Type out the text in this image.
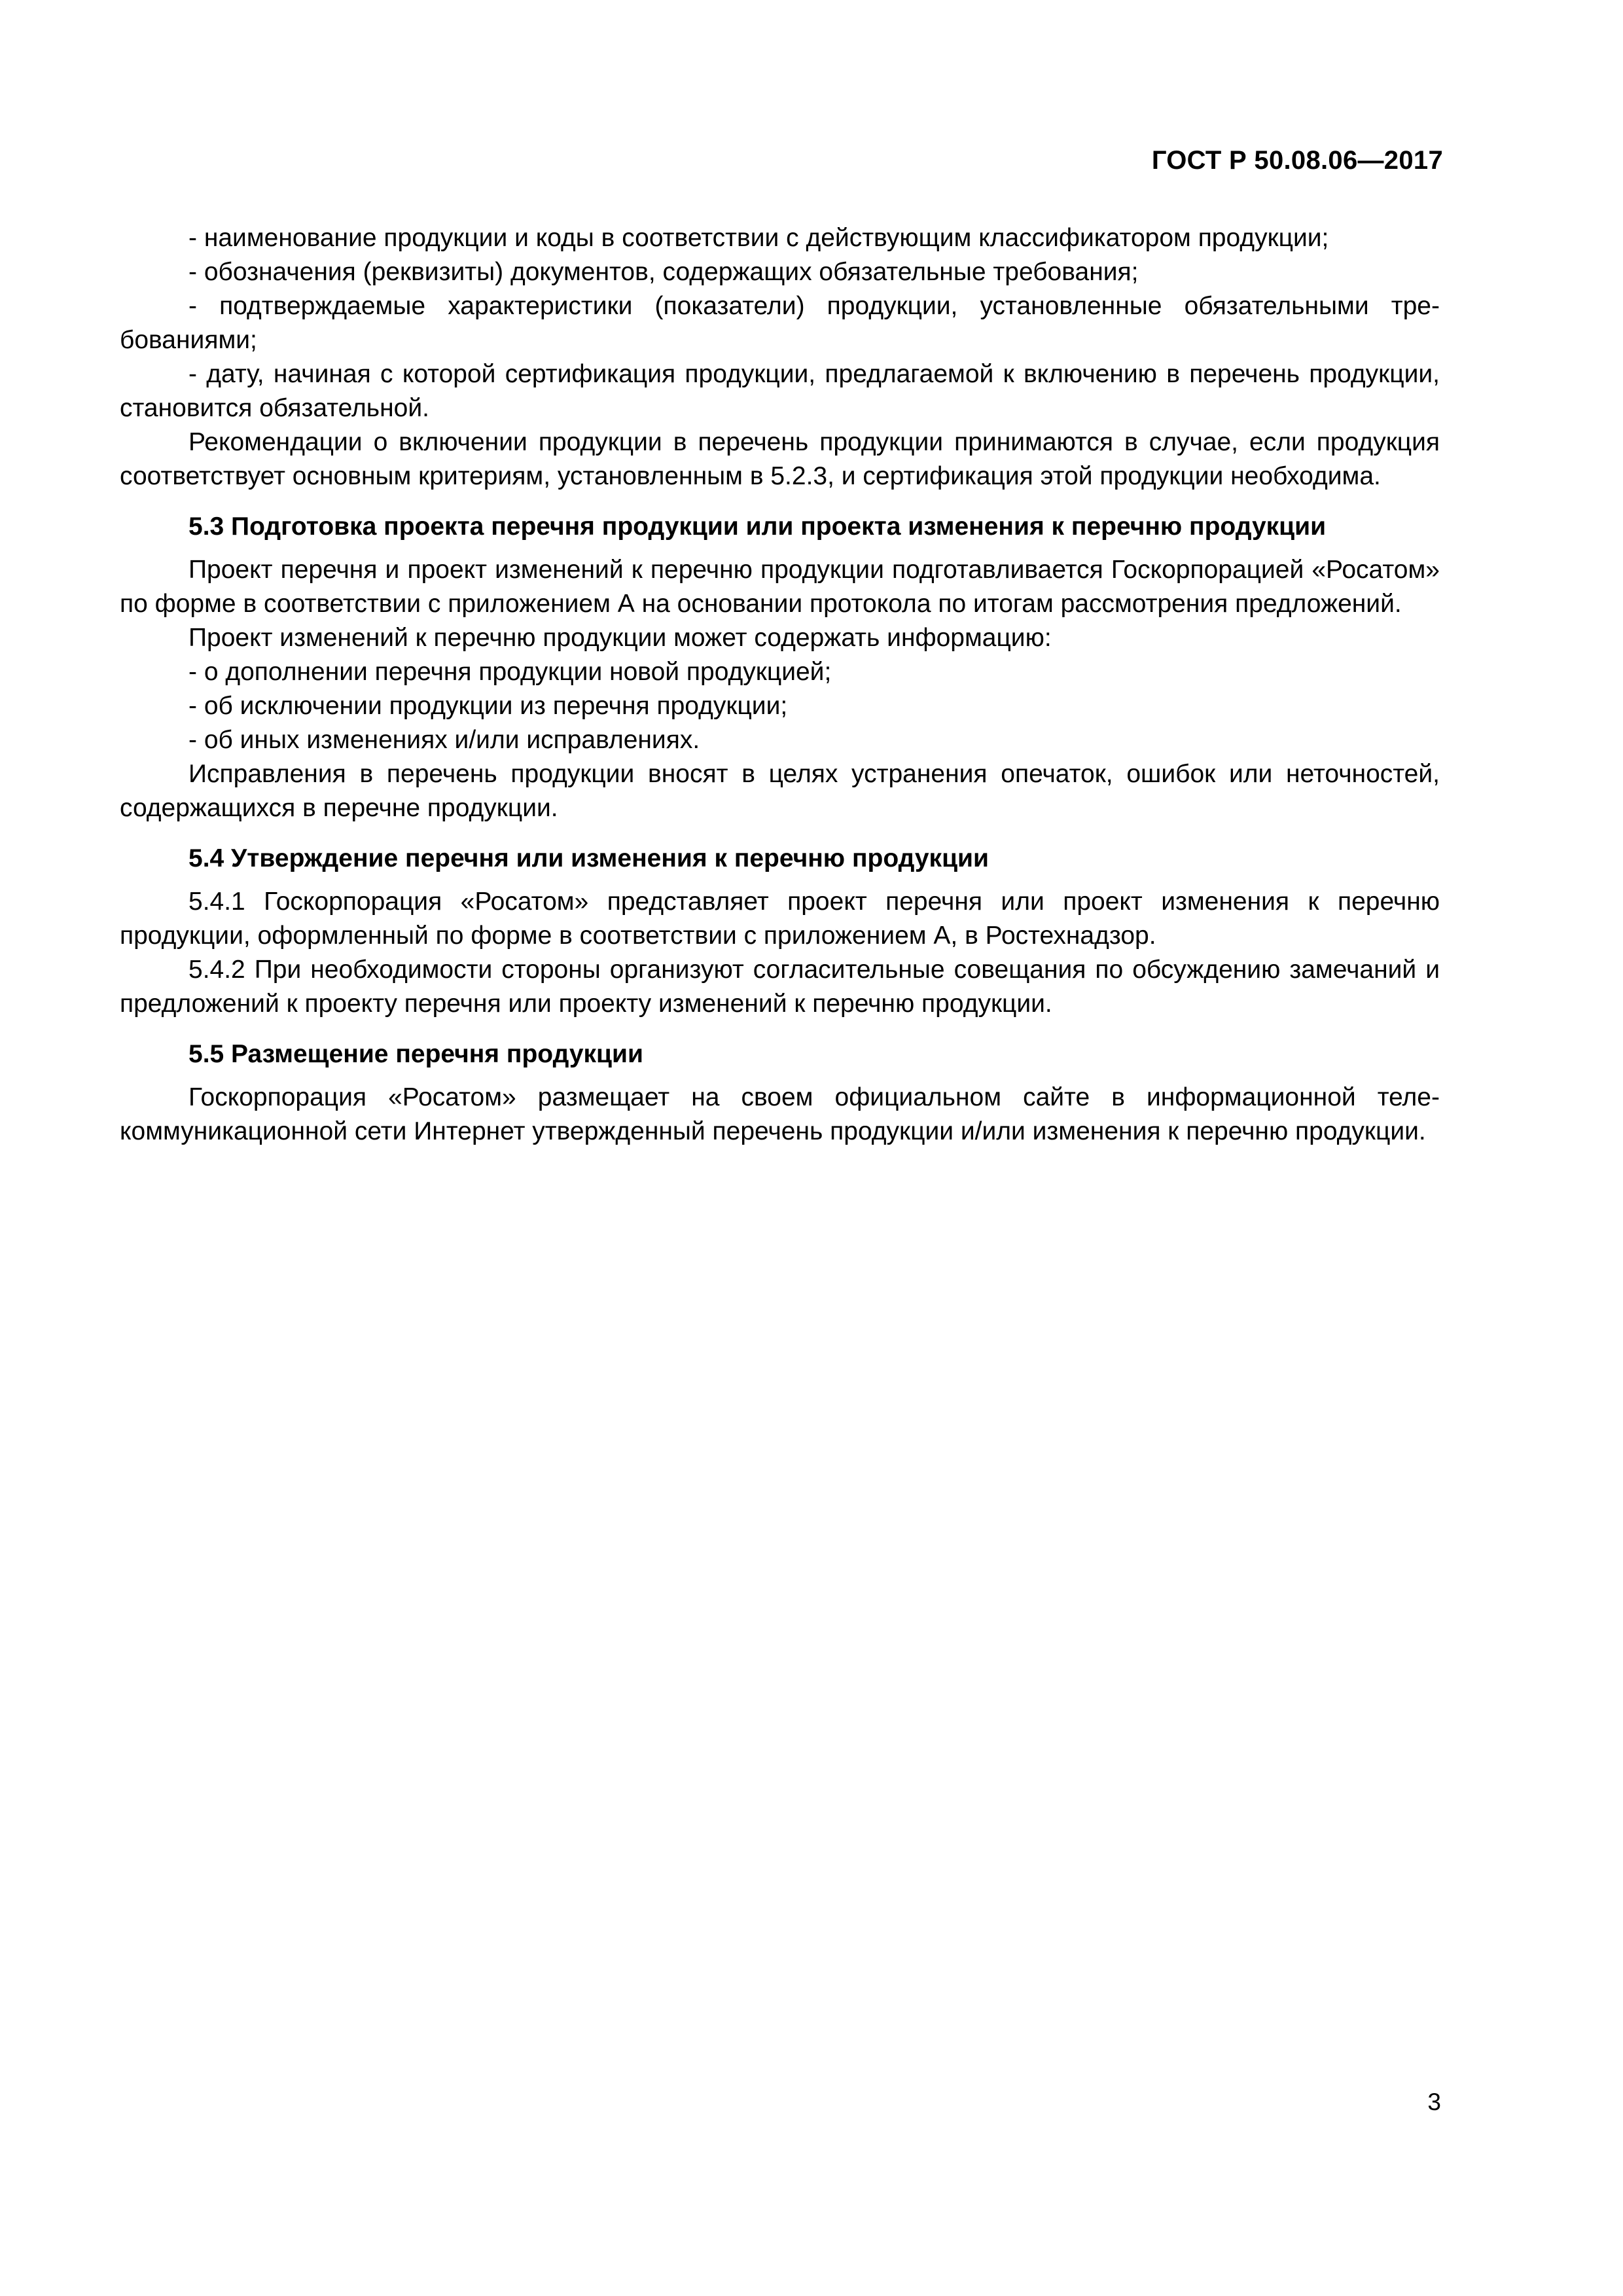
ГОСТ Р 50.08.06—2017

- наименование продукции и коды в соответствии с действующим классификатором продукции;

- обозначения (реквизиты) документов, содержащих обязательные требования;

- подтверждаемые характеристики (показатели) продукции, установленные обязательными требованиями;

- дату, начиная с которой сертификация продукции, предлагаемой к включению в перечень продукции, становится обязательной.

Рекомендации о включении продукции в перечень продукции принимаются в случае, если продукция соответствует основным критериям, установленным в 5.2.3, и сертификация этой продукции необходима.

5.3 Подготовка проекта перечня продукции или проекта изменения к перечню продукции

Проект перечня и проект изменений к перечню продукции подготавливается Госкорпорацией «Росатом» по форме в соответствии с приложением А на основании протокола по итогам рассмотрения предложений.

Проект изменений к перечню продукции может содержать информацию:

- о дополнении перечня продукции новой продукцией;

- об исключении продукции из перечня продукции;

- об иных изменениях и/или исправлениях.

Исправления в перечень продукции вносят в целях устранения опечаток, ошибок или неточностей, содержащихся в перечне продукции.

5.4 Утверждение перечня или изменения к перечню продукции

5.4.1 Госкорпорация «Росатом» представляет проект перечня или проект изменения к перечню продукции, оформленный по форме в соответствии с приложением А, в Ростехнадзор.

5.4.2 При необходимости стороны организуют согласительные совещания по обсуждению замечаний и предложений к проекту перечня или проекту изменений к перечню продукции.

5.5 Размещение перечня продукции

Госкорпорация «Росатом» размещает на своем официальном сайте в информационной телекоммуникационной сети Интернет утвержденный перечень продукции и/или изменения к перечню продукции.

3
